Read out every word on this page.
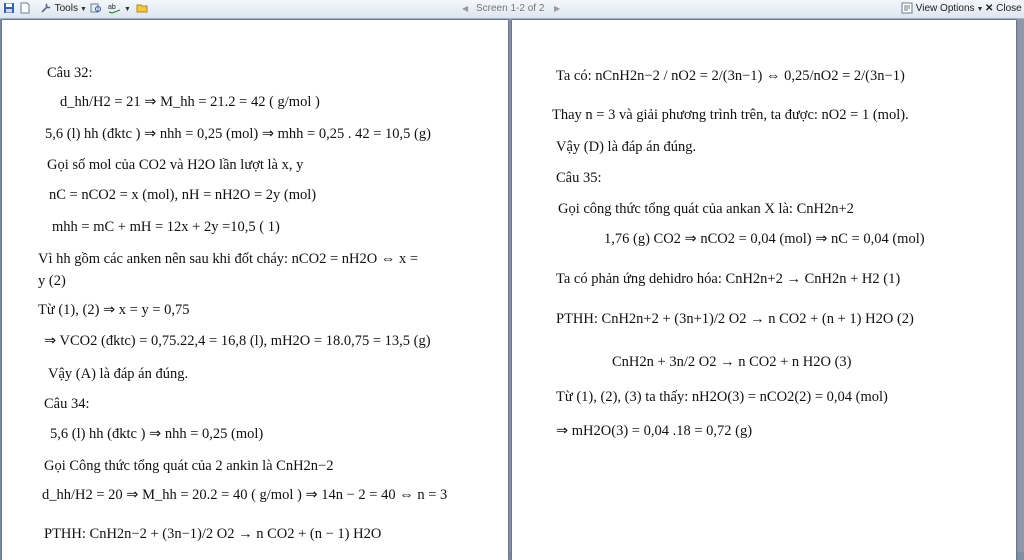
Tools ▼	ab ▼	◀ Screen 1-2 of 2 ▶	View Options ▼ ✕ Close
Câu 32:
d_hh/H2 = 21 ⇒ M_hh = 21.2 = 42 ( g/mol )
5,6 (l) hh (đktc ) ⇒ nhh = 0,25 (mol) ⇒ mhh = 0,25 . 42 = 10,5 (g)
Gọi số mol của CO2 và H2O lần lượt là x, y
nC = nCO2 = x (mol), nH = nH2O = 2y (mol)
mhh = mC + mH = 12x + 2y =10,5 ( 1)
Vì hh gồm các anken nên sau khi đốt cháy: nCO2 = nH2O ⇔ x =
y (2)
Từ (1), (2) ⇒ x = y = 0,75
⇒ VCO2 (đktc) = 0,75.22,4 = 16,8 (l), mH2O = 18.0,75 = 13,5 (g)
Vậy (A) là đáp án đúng.
Câu 34:
5,6 (l) hh (đktc ) ⇒ nhh = 0,25 (mol)
Gọi Công thức tổng quát của 2 ankin là CnH2n−2
d_hh/H2 = 20 ⇒ M_hh = 20.2 = 40 ( g/mol ) ⇒ 14n − 2 = 40 ⇔ n = 3
PTHH: CnH2n−2 + (3n−1)/2 O2 → n CO2 + (n − 1) H2O
Ta có: nCnH2n−2 / nO2 = 2/(3n−1) ⇔ 0,25/nO2 = 2/(3n−1)
Thay n = 3 và giải phương trình trên, ta được: nO2 = 1 (mol).
Vậy (D) là đáp án đúng.
Câu 35:
Gọi công thức tổng quát của ankan X là: CnH2n+2
1,76 (g) CO2 ⇒ nCO2 = 0,04 (mol) ⇒ nC = 0,04 (mol)
Ta có phản ứng dehidro hóa: CnH2n+2 → CnH2n + H2 (1)
PTHH: CnH2n+2 + (3n+1)/2 O2 → n CO2 + (n + 1) H2O (2)
CnH2n + 3n/2 O2 → n CO2 + n H2O (3)
Từ (1), (2), (3) ta thấy: nH2O(3) = nCO2(2) = 0,04 (mol)
⇒ mH2O(3) = 0,04 .18 = 0,72 (g)
